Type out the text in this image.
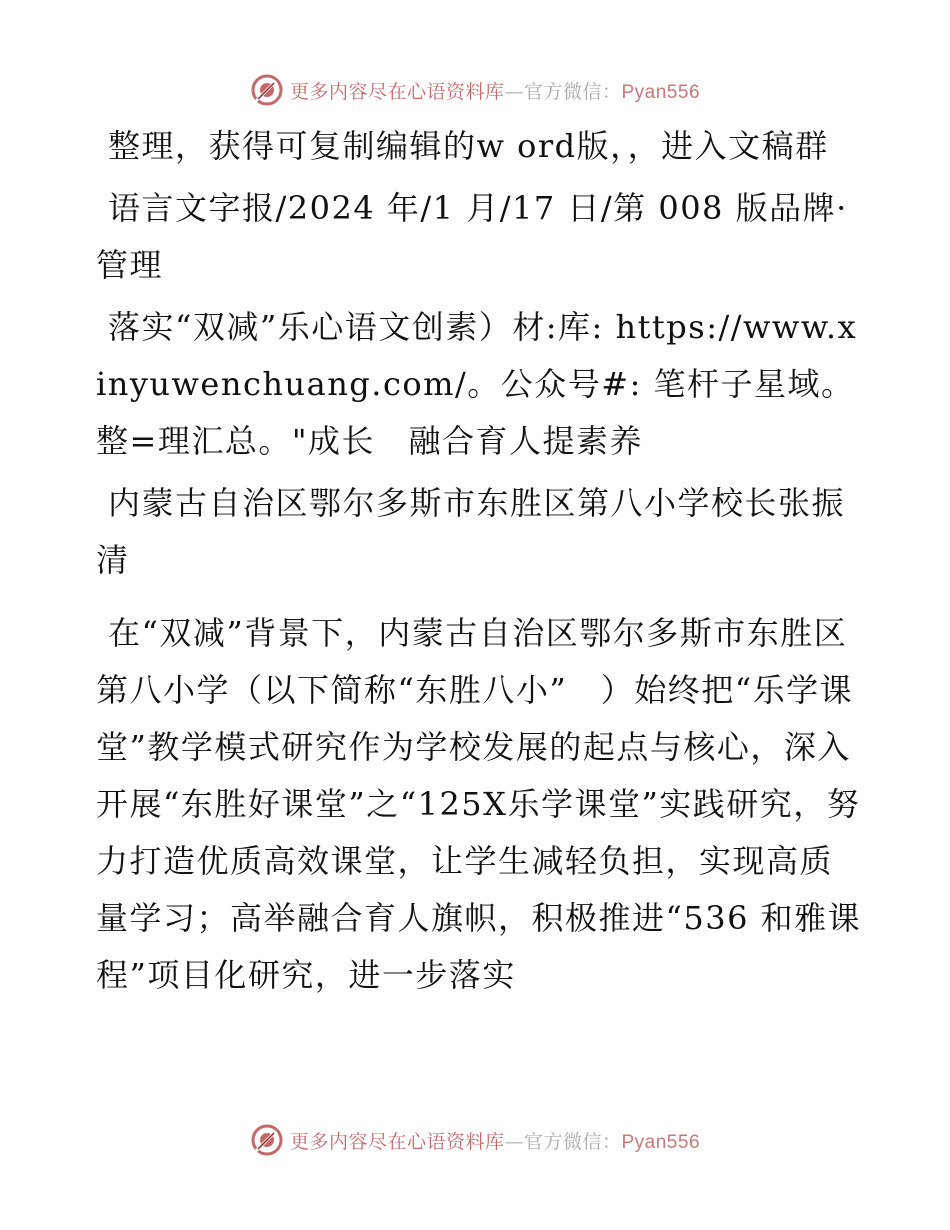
更多内容尽在心语资料库—官方微信：Pyan556

整理，获得可复制编辑的w ord版，，进入文稿群

语言文字报/2024 年/1 月/17 日/第 008 版品牌·管理

落实“双减”乐心语文创素）材:库: https://www.xinyuwenchuang.com/。公众号#: 笔杆子星域。整=理汇总。"成长　融合育人提素养

内蒙古自治区鄂尔多斯市东胜区第八小学校长张振清

在“双减”背景下，内蒙古自治区鄂尔多斯市东胜区第八小学（以下简称“东胜八小”　）始终把“乐学课堂”教学模式研究作为学校发展的起点与核心，深入开展“东胜好课堂”之“125X乐学课堂”实践研究，努力打造优质高效课堂，让学生减轻负担，实现高质量学习；高举融合育人旗帜，积极推进“536 和雅课程”项目化研究，进一步落实

更多内容尽在心语资料库—官方微信：Pyan556
